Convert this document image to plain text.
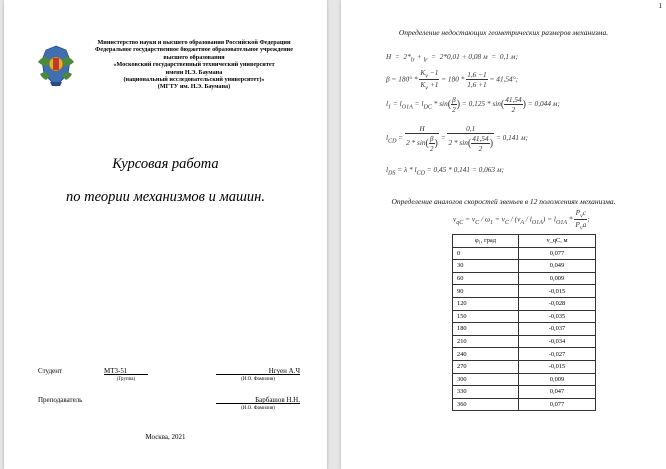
Министерство науки и высшего образования Российской Федерации
Федеральное государственное бюджетное образовательное учреждение
высшего образования
«Московский государственный технический университет
имени Н.Э. Баумана
(национальный исследовательский университет)»
(МГТУ им. Н.Э. Баумана)
Курсовая работа
по теории механизмов и машин.
Студент	МТ3-51
(Группа)
Нгуен А.Ч
(И.О. Фамилия)
Преподаватель	Барбашов Н.Н.
(И.О. Фамилия)
Москва, 2021
1
Определение недостающих геометрических размеров механизма.
$H = 2*_{lr} + _{lr} = 2*0,01 + 0,08$ м  =  0,1 м;
$\beta = 180^\circ * \frac{K_v -1}{K_v +1} = 180 * \frac{1,6 -1}{1,6 +1} = 41,54^\circ$;
$l_1 = l_{O1A} = l_{DC} * \sin( \frac{\beta}{2}$ ) = $0,125 * \sin( \frac{41,54}{2}$ ) = 0,044 м;
$l_{CD} = \frac{H}{2 * \sin( \frac{\beta}{2} )} = \frac{0,1}{2 * \sin( \frac{41,54}{2} )} = 0,141$ м;
$l_{DS} = \lambda * l_{CD} = 0,45 * 0,141 = 0,063$ м;
Определение аналогов скоростей звеньев в 12 положениях механизма.
$v_{qC} = v_C / \omega_1 = v_C / (v_A / l_{O1A}) = l_{O1A}$ *
$P_vc$
$P_va$
;
φ₁, град	v_qC, м
0	0,077
30	0,049
60	0,009
90	-0,015
120	-0,028
150	-0,035
180	-0,037
210	-0,034
240	-0,027
270	-0,015
300	0,009
330	0,047
360	0,077
